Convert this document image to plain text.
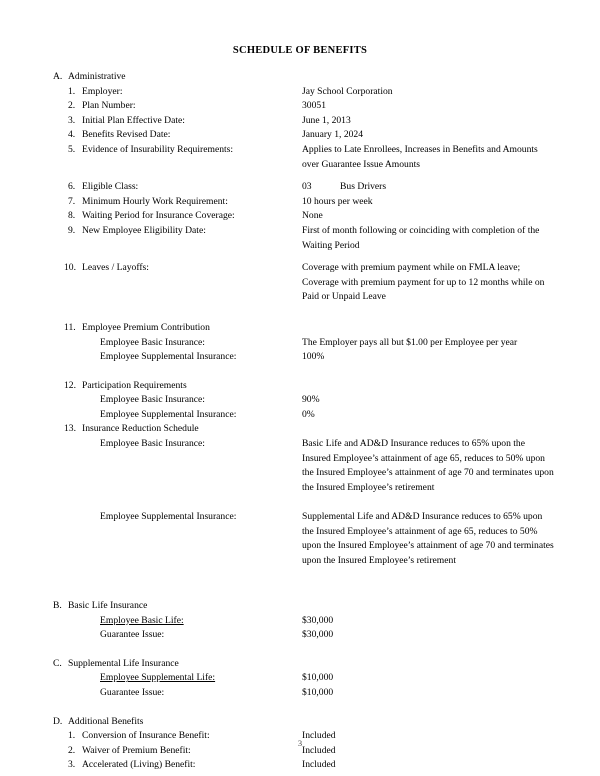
SCHEDULE OF BENEFITS
A. Administrative
1. Employer:	Jay School Corporation
2. Plan Number:	30051
3. Initial Plan Effective Date:	June 1, 2013
4. Benefits Revised Date:	January 1, 2024
5. Evidence of Insurability Requirements:	Applies to Late Enrollees, Increases in Benefits and Amounts over Guarantee Issue Amounts
6. Eligible Class:	03	Bus Drivers
7. Minimum Hourly Work Requirement:	10 hours per week
8. Waiting Period for Insurance Coverage:	None
9. New Employee Eligibility Date:	First of month following or coinciding with completion of the Waiting Period
10. Leaves / Layoffs:	Coverage with premium payment while on FMLA leave; Coverage with premium payment for up to 12 months while on Paid or Unpaid Leave
11. Employee Premium Contribution
Employee Basic Insurance:	The Employer pays all but $1.00 per Employee per year
Employee Supplemental Insurance:	100%
12. Participation Requirements
Employee Basic Insurance:	90%
Employee Supplemental Insurance:	0%
13. Insurance Reduction Schedule
Employee Basic Insurance:	Basic Life and AD&D Insurance reduces to 65% upon the Insured Employee’s attainment of age 65, reduces to 50% upon the Insured Employee’s attainment of age 70 and terminates upon the Insured Employee’s retirement
Employee Supplemental Insurance:	Supplemental Life and AD&D Insurance reduces to 65% upon the Insured Employee’s attainment of age 65, reduces to 50% upon the Insured Employee’s attainment of age 70 and terminates upon the Insured Employee’s retirement
B. Basic Life Insurance
Employee Basic Life:	$30,000
Guarantee Issue:	$30,000
C. Supplemental Life Insurance
Employee Supplemental Life:	$10,000
Guarantee Issue:	$10,000
D. Additional Benefits
1. Conversion of Insurance Benefit:	Included
2. Waiver of Premium Benefit:	Included
3. Accelerated (Living) Benefit:	Included
3
